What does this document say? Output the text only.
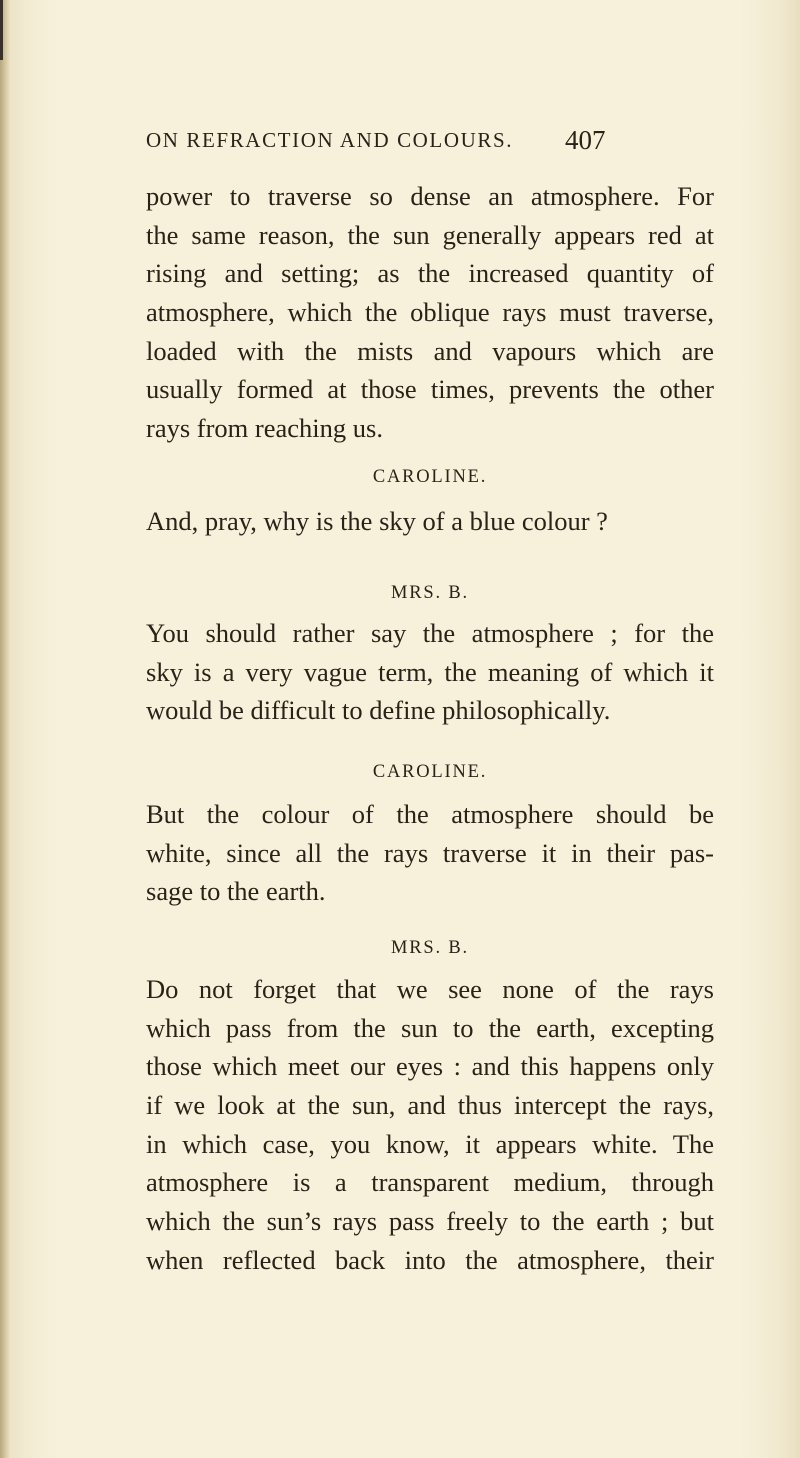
ON REFRACTION AND COLOURS. 407
power to traverse so dense an atmosphere. For
the same reason, the sun generally appears red at
rising and setting; as the increased quantity of
atmosphere, which the oblique rays must traverse,
loaded with the mists and vapours which are
usually formed at those times, prevents the other
rays from reaching us.
CAROLINE.
And, pray, why is the sky of a blue colour ?
MRS. B.
You should rather say the atmosphere ; for the
sky is a very vague term, the meaning of which it
would be difficult to define philosophically.
CAROLINE.
But the colour of the atmosphere should be
white, since all the rays traverse it in their pas-
sage to the earth.
MRS. B.
Do not forget that we see none of the rays
which pass from the sun to the earth, excepting
those which meet our eyes : and this happens only
if we look at the sun, and thus intercept the rays,
in which case, you know, it appears white. The
atmosphere is a transparent medium, through
which the sun’s rays pass freely to the earth ; but
when reflected back into the atmosphere, their
